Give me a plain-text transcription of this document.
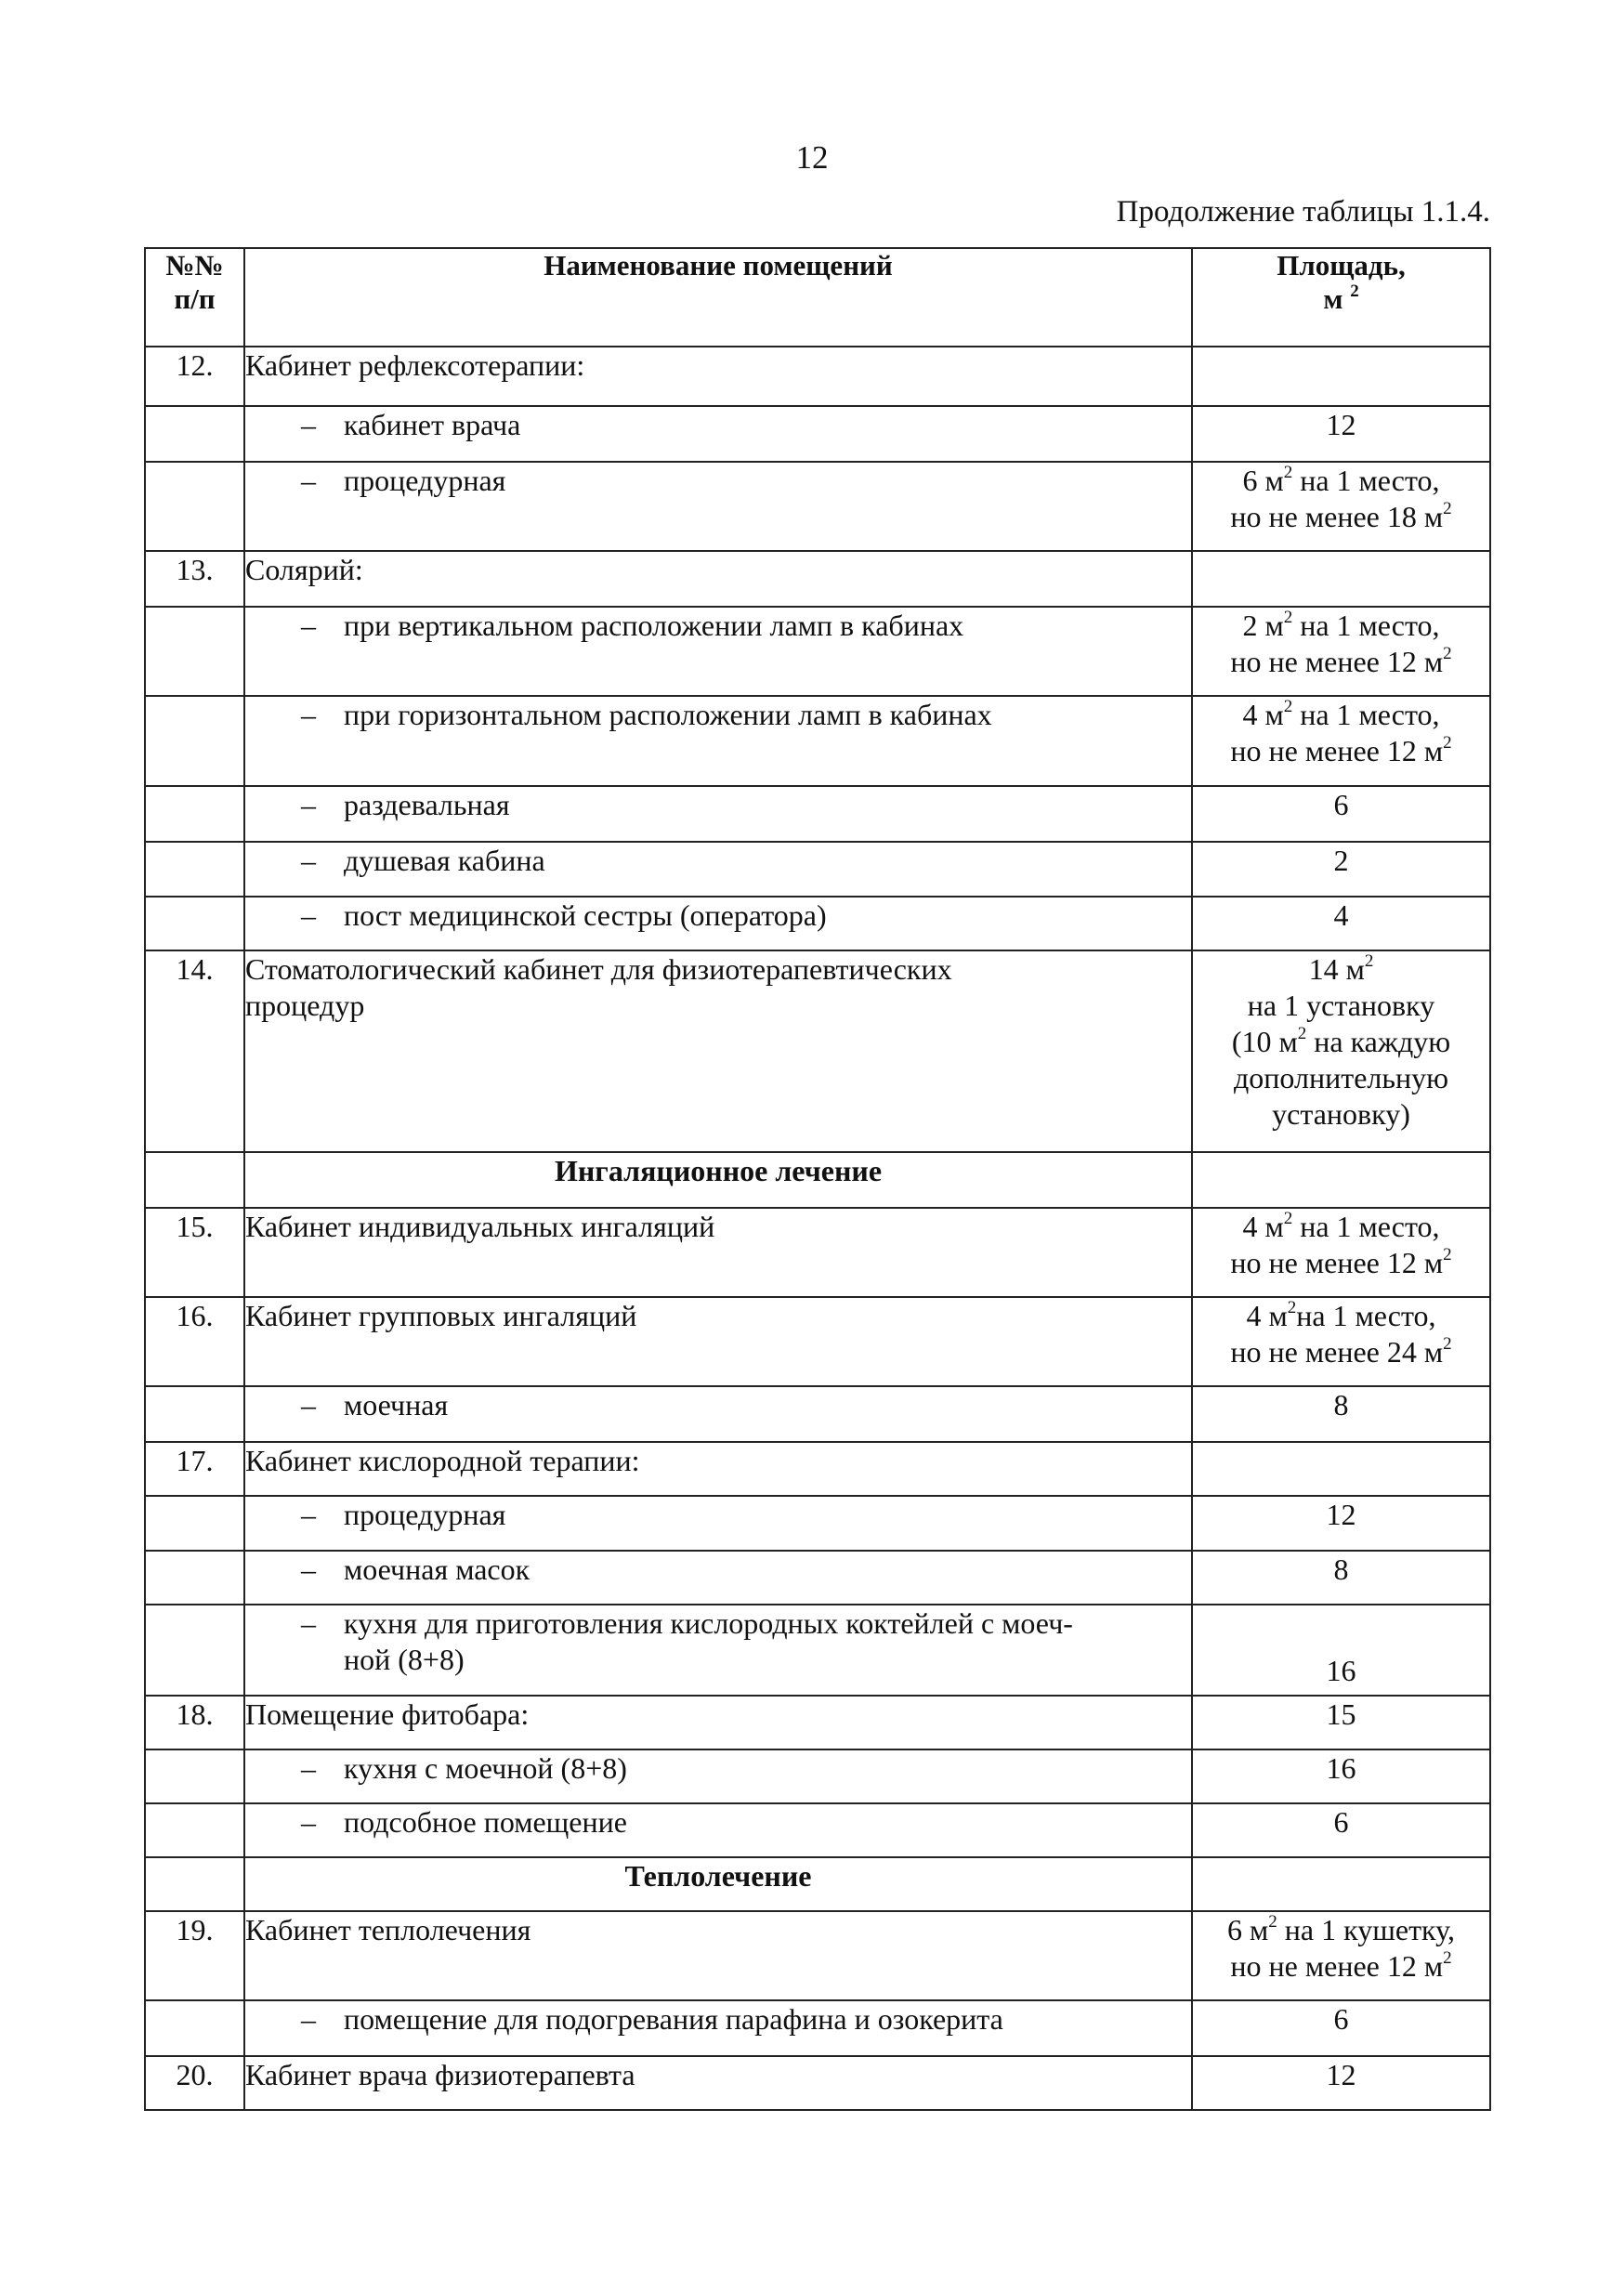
12
Продолжение таблицы 1.1.4.
№№
п/п	Наименование помещений	Площадь,
м $^2$
12.	Кабинет рефлексотерапии:	
	– кабинет врача	12
	– процедурная	6 $м^2$ на 1 место,
но не менее 18 $м^2$
13.	Солярий:	
	– при вертикальном расположении ламп в кабинах	2 $м^2$ на 1 место,
но не менее 12 $м^2$
	– при горизонтальном расположении ламп в кабинах	4 $м^2$ на 1 место,
но не менее 12 $м^2$
	– раздевальная	6
	– душевая кабина	2
	– пост медицинской сестры (оператора)	4
14.	Стоматологический кабинет для физиотерапевтических процедур	14 $м^2$
на 1 установку
(10 $м^2$ на каждую
дополнительную
установку)
	Ингаляционное лечение	
15.	Кабинет индивидуальных ингаляций	4 $м^2$ на 1 место,
но не менее 12 $м^2$
16.	Кабинет групповых ингаляций	4 $м^2на$ 1 место,
но не менее 24 $м^2$
	– моечная	8
17.	Кабинет кислородной терапии:	
	– процедурная	12
	– моечная масок	8
	– кухня для приготовления кислородных коктейлей с моеч-
ной (8+8)	16
18.	Помещение фитобара:	15
	– кухня с моечной (8+8)	16
	– подсобное помещение	6
	Теплолечение	
19.	Кабинет теплолечения	6 $м^2$ на 1 кушетку,
но не менее 12 $м^2$
	– помещение для подогревания парафина и озокерита	6
20.	Кабинет врача физиотерапевта	12
